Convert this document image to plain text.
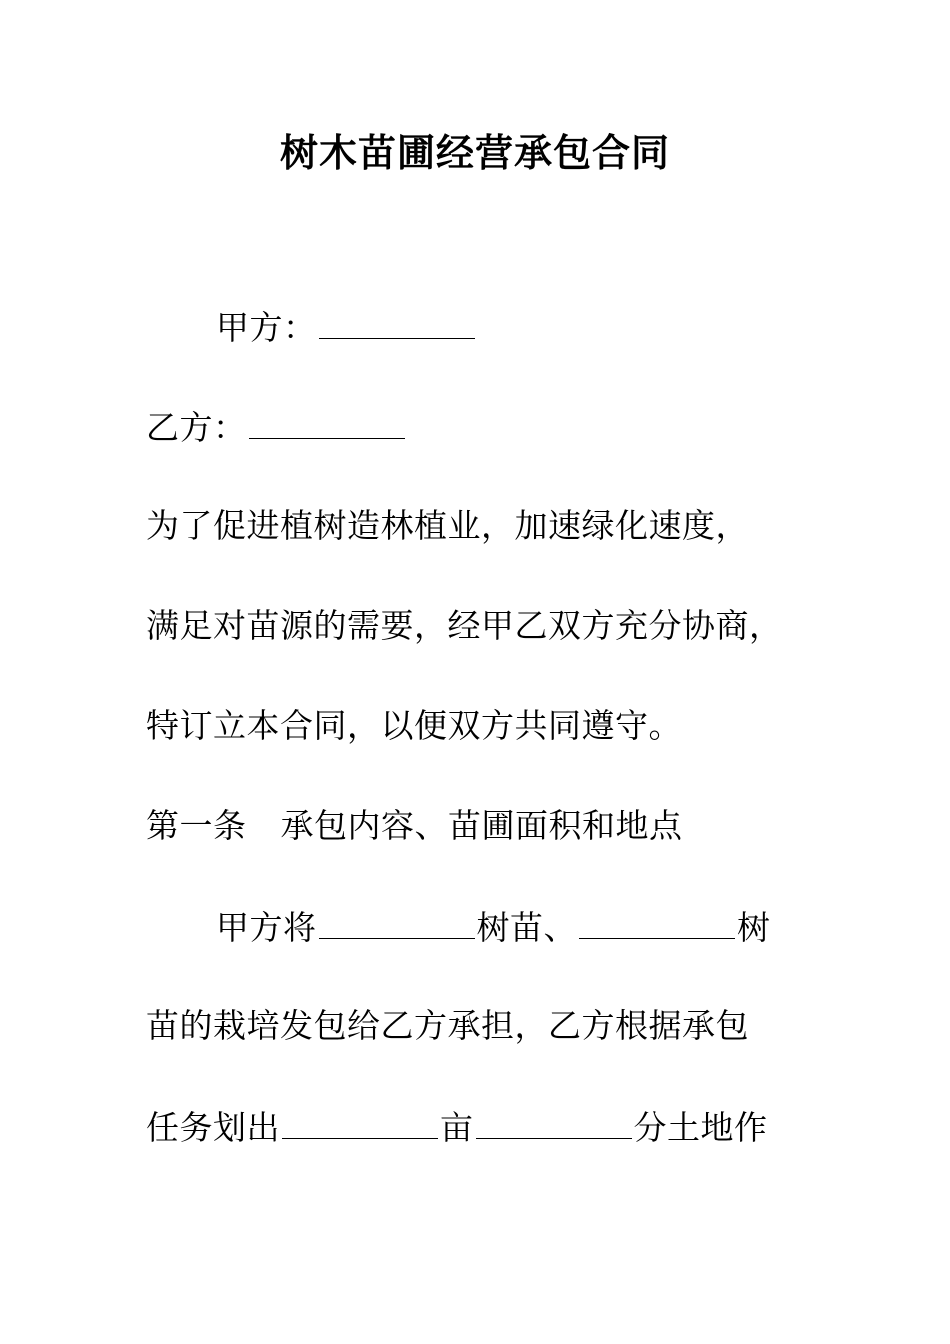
树木苗圃经营承包合同
甲方：
乙方：
为了促进植树造林植业，加速绿化速度，
满足对苗源的需要，经甲乙双方充分协商，
特订立本合同，以便双方共同遵守。
第一条 承包内容、苗圃面积和地点
甲方将	树苗、	树
苗的栽培发包给乙方承担，乙方根据承包
任务划出	亩	分土地作
